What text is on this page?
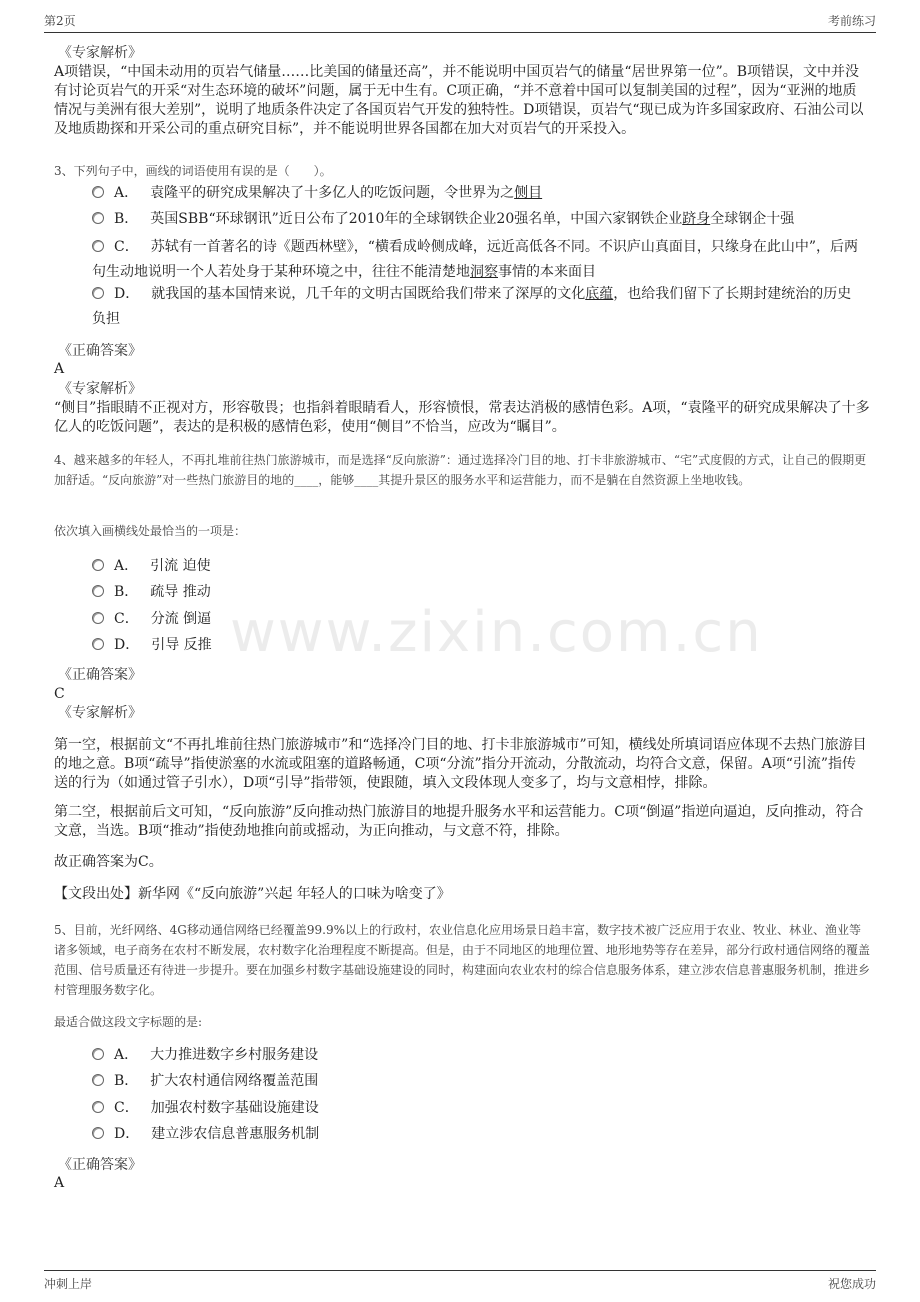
第2页	考前练习
www.zixin.com.cn
《专家解析》

A项错误，“中国未动用的页岩气储量……比美国的储量还高”，并不能说明中国页岩气的储量“居世界第一位”。B项错误，文中并没有讨论页岩气的开采“对生态环境的破坏”问题，属于无中生有。C项正确，“并不意着中国可以复制美国的过程”，因为“亚洲的地质情况与美洲有很大差别”，说明了地质条件决定了各国页岩气开发的独特性。D项错误，页岩气“现已成为许多国家政府、石油公司以及地质勘探和开采公司的重点研究目标”，并不能说明世界各国都在加大对页岩气的开采投入。

3、下列句子中，画线的词语使用有误的是（　　）。

A． 袁隆平的研究成果解决了十多亿人的吃饭问题，令世界为之侧目
B． 英国SBB“环球钢讯”近日公布了2010年的全球钢铁企业20强名单，中国六家钢铁企业跻身全球钢企十强
C． 苏轼有一首著名的诗《题西林壁》，“横看成岭侧成峰，远近高低各不同。不识庐山真面目，只缘身在此山中”，后两句生动地说明一个人若处身于某种环境之中，往往不能清楚地洞察事情的本来面目
D． 就我国的基本国情来说，几千年的文明古国既给我们带来了深厚的文化底蕴，也给我们留下了长期封建统治的历史负担
《正确答案》
A
《专家解析》

“侧目”指眼睛不正视对方，形容敬畏；也指斜着眼睛看人，形容愤恨，常表达消极的感情色彩。A项，“袁隆平的研究成果解决了十多亿人的吃饭问题”，表达的是积极的感情色彩，使用“侧目”不恰当，应改为“瞩目”。

4、越来越多的年轻人，不再扎堆前往热门旅游城市，而是选择“反向旅游”：通过选择冷门目的地、打卡非旅游城市、“宅”式度假的方式，让自己的假期更加舒适。“反向旅游”对一些热门旅游目的地的____，能够____其提升景区的服务水平和运营能力，而不是躺在自然资源上坐地收钱。

依次填入画横线处最恰当的一项是：

A． 引流 迫使
B． 疏导 推动
C． 分流 倒逼
D． 引导 反推
《正确答案》
C
《专家解析》

第一空，根据前文“不再扎堆前往热门旅游城市”和“选择冷门目的地、打卡非旅游城市”可知，横线处所填词语应体现不去热门旅游目的地之意。B项“疏导”指使淤塞的水流或阻塞的道路畅通，C项“分流”指分开流动，分散流动，均符合文意，保留。A项“引流”指传送的行为（如通过管子引水），D项“引导”指带领，使跟随，填入文段体现人变多了，均与文意相悖，排除。

第二空，根据前后文可知，“反向旅游”反向推动热门旅游目的地提升服务水平和运营能力。C项“倒逼”指逆向逼迫，反向推动，符合文意，当选。B项“推动”指使劲地推向前或摇动，为正向推动，与文意不符，排除。

故正确答案为C。

【文段出处】新华网《“反向旅游”兴起 年轻人的口味为啥变了》

5、目前，光纤网络、4G移动通信网络已经覆盖99.9%以上的行政村，农业信息化应用场景日趋丰富，数字技术被广泛应用于农业、牧业、林业、渔业等诸多领域，电子商务在农村不断发展，农村数字化治理程度不断提高。但是，由于不同地区的地理位置、地形地势等存在差异，部分行政村通信网络的覆盖范围、信号质量还有待进一步提升。要在加强乡村数字基础设施建设的同时，构建面向农业农村的综合信息服务体系，建立涉农信息普惠服务机制，推进乡村管理服务数字化。

最适合做这段文字标题的是:

A． 大力推进数字乡村服务建设
B． 扩大农村通信网络覆盖范围
C． 加强农村数字基础设施建设
D． 建立涉农信息普惠服务机制
《正确答案》
A
冲刺上岸	祝您成功
